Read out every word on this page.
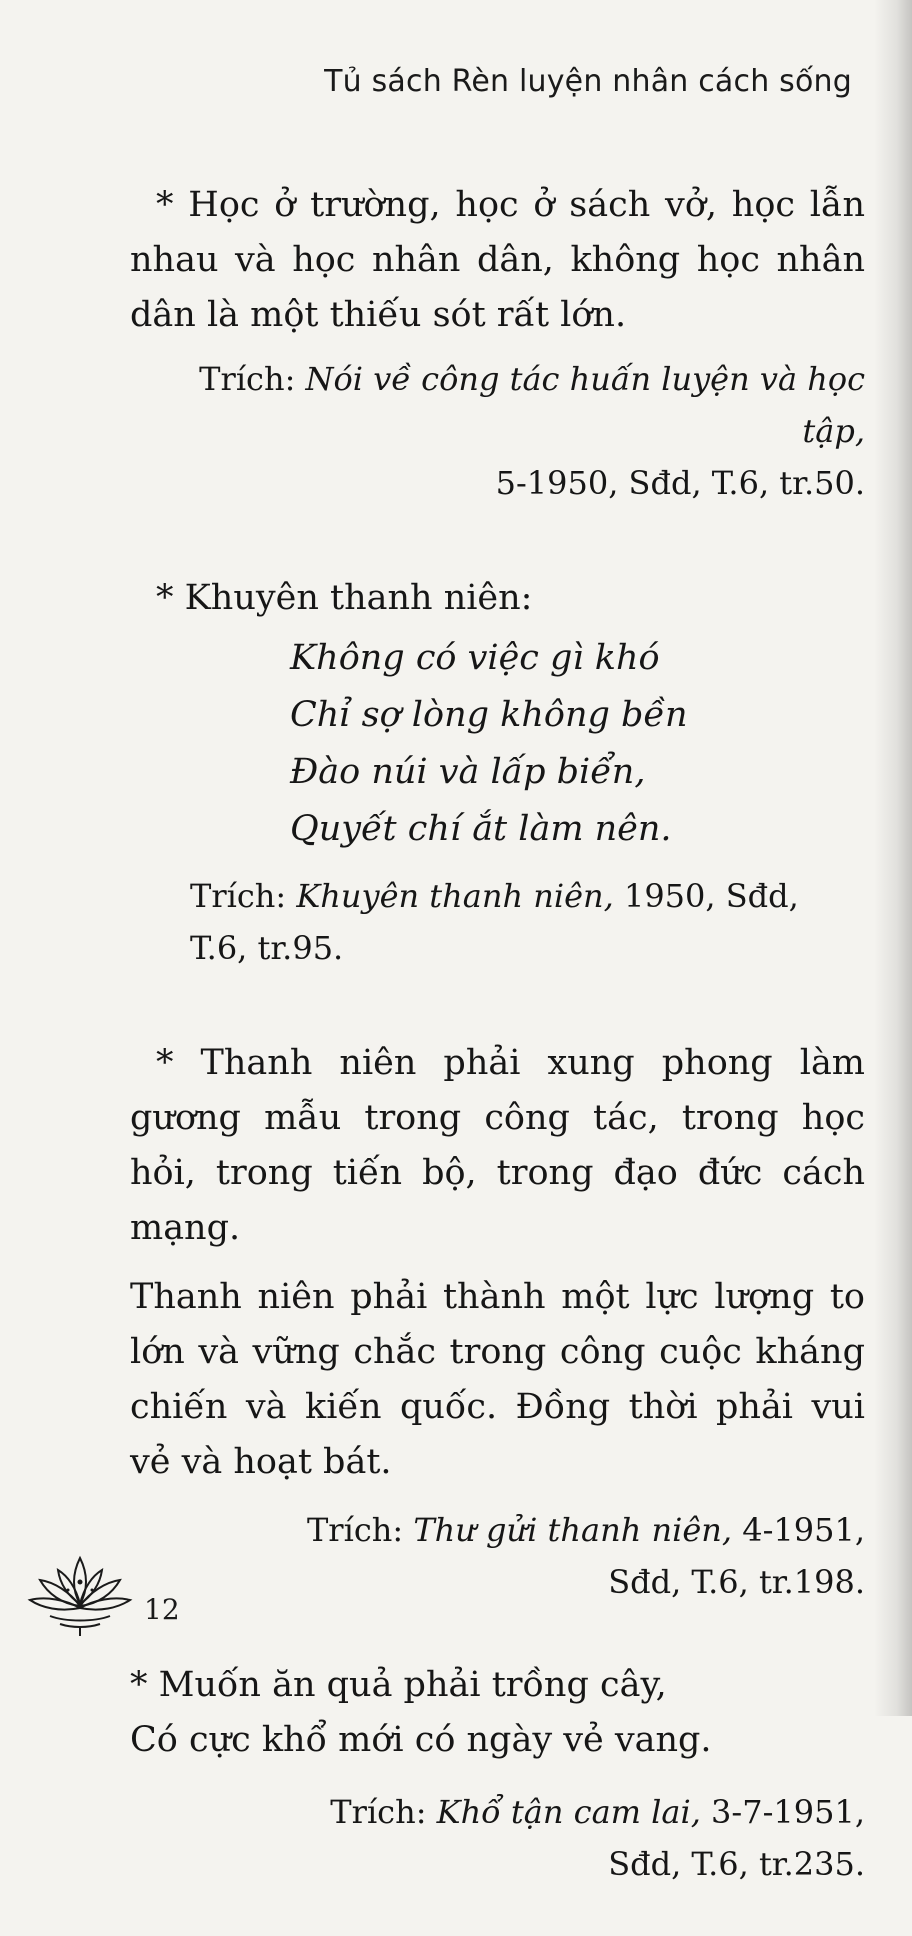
Tủ sách Rèn luyện nhân cách sống

* Học ở trường, học ở sách vở, học lẫn nhau và học nhân dân, không học nhân dân là một thiếu sót rất lớn.

Trích: Nói về công tác huấn luyện và học tập,
5-1950, Sđd, T.6, tr.50.

* Khuyên thanh niên:

Không có việc gì khó
Chỉ sợ lòng không bền
Đào núi và lấp biển,
Quyết chí ắt làm nên.
Trích: Khuyên thanh niên, 1950, Sđd, T.6, tr.95.

* Thanh niên phải xung phong làm gương mẫu trong công tác, trong học hỏi, trong tiến bộ, trong đạo đức cách mạng.

Thanh niên phải thành một lực lượng to lớn và vững chắc trong công cuộc kháng chiến và kiến quốc. Đồng thời phải vui vẻ và hoạt bát.

Trích: Thư gửi thanh niên, 4-1951,
Sđd, T.6, tr.198.
* Muốn ăn quả phải trồng cây,
Có cực khổ mới có ngày vẻ vang.
Trích: Khổ tận cam lai, 3-7-1951,
Sđd, T.6, tr.235.
12
